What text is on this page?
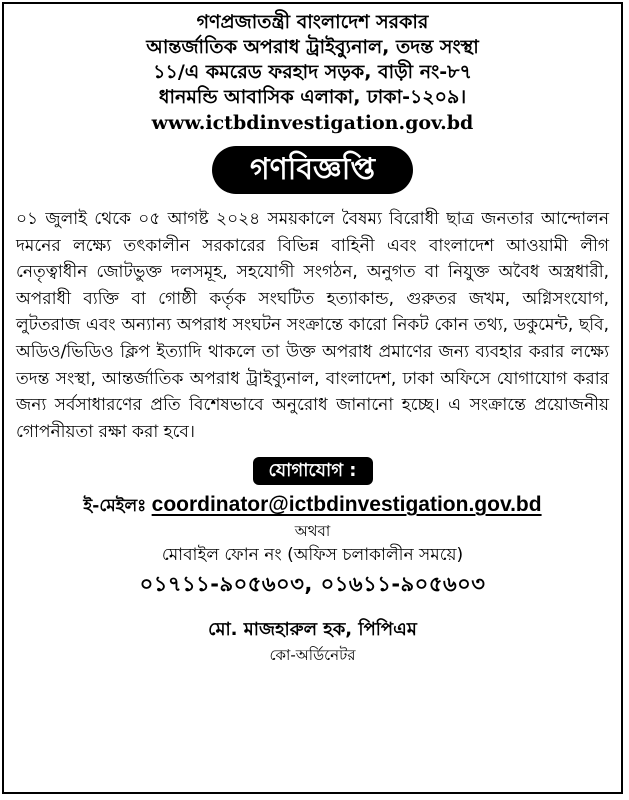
গণপ্রজাতন্ত্রী বাংলাদেশ সরকার
আন্তর্জাতিক অপরাধ ট্রাইব্যুনাল, তদন্ত সংস্থা
১১/এ কমরেড ফরহাদ সড়ক, বাড়ী নং-৮৭
ধানমন্ডি আবাসিক এলাকা, ঢাকা-১২০৯।
www.ictbdinvestigation.gov.bd
গণবিজ্ঞপ্তি
০১ জুলাই থেকে ০৫ আগষ্ট ২০২৪ সময়কালে বৈষম্য বিরোধী ছাত্র জনতার আন্দোলন দমনের লক্ষ্যে তৎকালীন সরকারের বিভিন্ন বাহিনী এবং বাংলাদেশ আওয়ামী লীগ নেতৃত্বাধীন জোটভুক্ত দলসমূহ, সহযোগী সংগঠন, অনুগত বা নিযুক্ত অবৈধ অস্ত্রধারী, অপরাধী ব্যক্তি বা গোষ্ঠী কর্তৃক সংঘটিত হত্যাকান্ড, গুরুতর জখম, অগ্নিসংযোগ, লুটতরাজ এবং অন্যান্য অপরাধ সংঘটন সংক্রান্তে কারো নিকট কোন তথ্য, ডকুমেন্ট, ছবি, অডিও/ভিডিও ক্লিপ ইত্যাদি থাকলে তা উক্ত অপরাধ প্রমাণের জন্য ব্যবহার করার লক্ষ্যে তদন্ত সংস্থা, আন্তর্জাতিক অপরাধ ট্রাইব্যুনাল, বাংলাদেশ, ঢাকা অফিসে যোগাযোগ করার জন্য সর্বসাধারণের প্রতি বিশেষভাবে অনুরোধ জানানো হচ্ছে। এ সংক্রান্তে প্রয়োজনীয় গোপনীয়তা রক্ষা করা হবে।
যোগাযোগ :
ই-মেইলঃ coordinator@ictbdinvestigation.gov.bd
অথবা
মোবাইল ফোন নং (অফিস চলাকালীন সময়ে)
০১৭১১-৯০৫৬০৩, ০১৬১১-৯০৫৬০৩
মো. মাজহারুল হক, পিপিএম
কো-অর্ডিনেটর
